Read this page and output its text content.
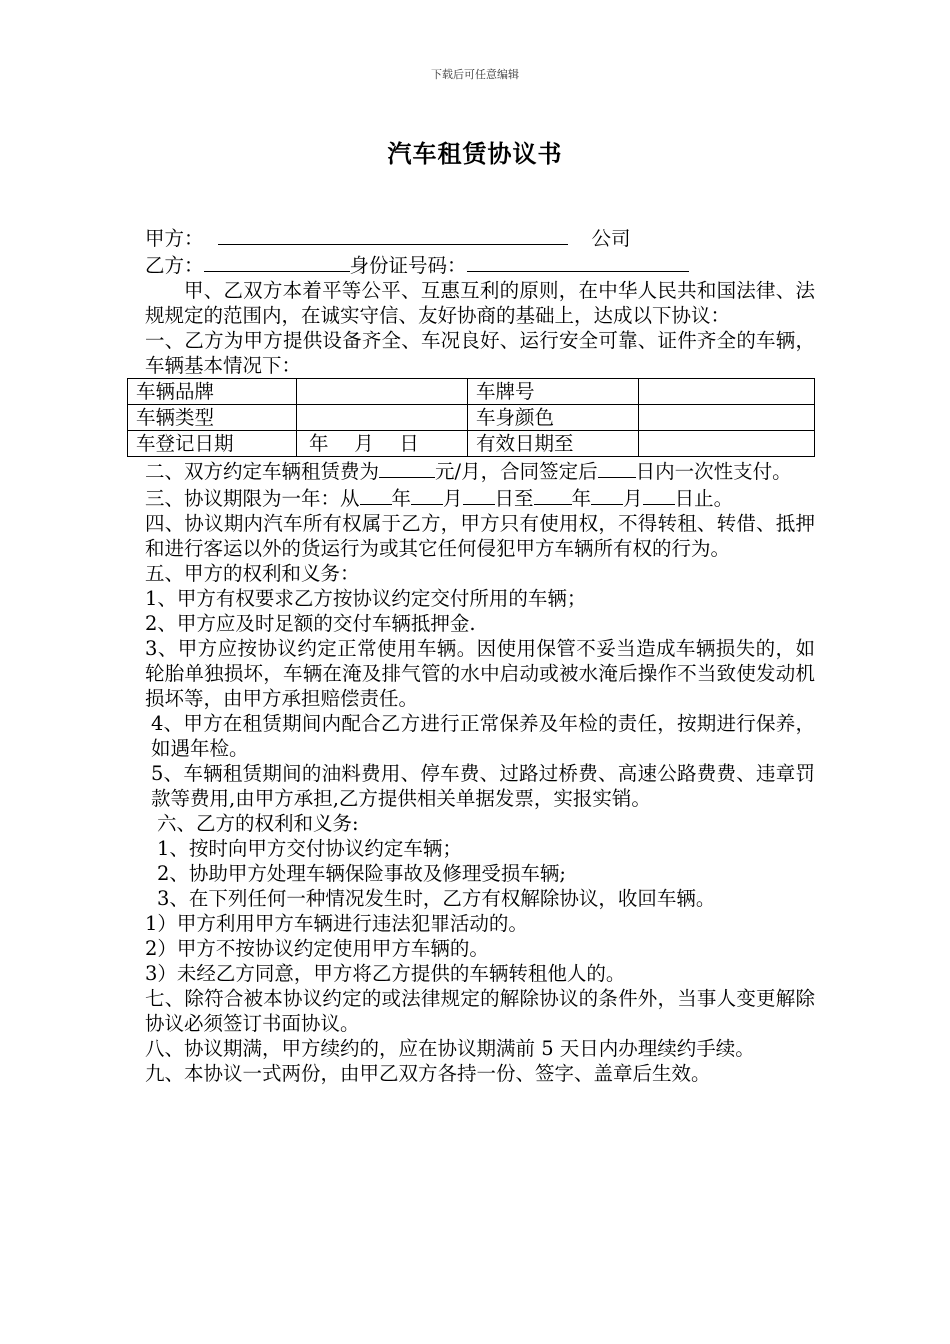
下载后可任意编辑
汽车租赁协议书
甲方：	公司
乙方：	身份证号码：
甲、乙双方本着平等公平、互惠互利的原则，在中华人民共和国法律、法规规定的范围内，在诚实守信、友好协商的基础上，达成以下协议：
一、乙方为甲方提供设备齐全、车况良好、运行安全可靠、证件齐全的车辆，车辆基本情况下：
车辆品牌		车牌号	
车辆类型		车身颜色	
车登记日期	年　 月　 日	有效日期至	
二、双方约定车辆租赁费为	元/月，合同签定后 日内一次性支付。
三、协议期限为一年：从 年 月 日至 年 月 日止。
四、协议期内汽车所有权属于乙方，甲方只有使用权，不得转租、转借、抵押和进行客运以外的货运行为或其它任何侵犯甲方车辆所有权的行为。
五、甲方的权利和义务：
1、甲方有权要求乙方按协议约定交付所用的车辆；
2、甲方应及时足额的交付车辆抵押金.
3、甲方应按协议约定正常使用车辆。因使用保管不妥当造成车辆损失的，如轮胎单独损坏，车辆在淹及排气管的水中启动或被水淹后操作不当致使发动机损坏等，由甲方承担赔偿责任。
4、甲方在租赁期间内配合乙方进行正常保养及年检的责任，按期进行保养，如遇年检。
5、车辆租赁期间的油料费用、停车费、过路过桥费、高速公路费费、违章罚款等费用,由甲方承担,乙方提供相关单据发票，实报实销。
六、乙方的权利和义务:
1、按时向甲方交付协议约定车辆；
2、协助甲方处理车辆保险事故及修理受损车辆;
3、在下列任何一种情况发生时，乙方有权解除协议，收回车辆。
1）甲方利用甲方车辆进行违法犯罪活动的。
2）甲方不按协议约定使用甲方车辆的。
3）未经乙方同意，甲方将乙方提供的车辆转租他人的。
七、除符合被本协议约定的或法律规定的解除协议的条件外，当事人变更解除协议必须签订书面协议。
八、协议期满，甲方续约的，应在协议期满前 5 天日内办理续约手续。
九、本协议一式两份，由甲乙双方各持一份、签字、盖章后生效。
